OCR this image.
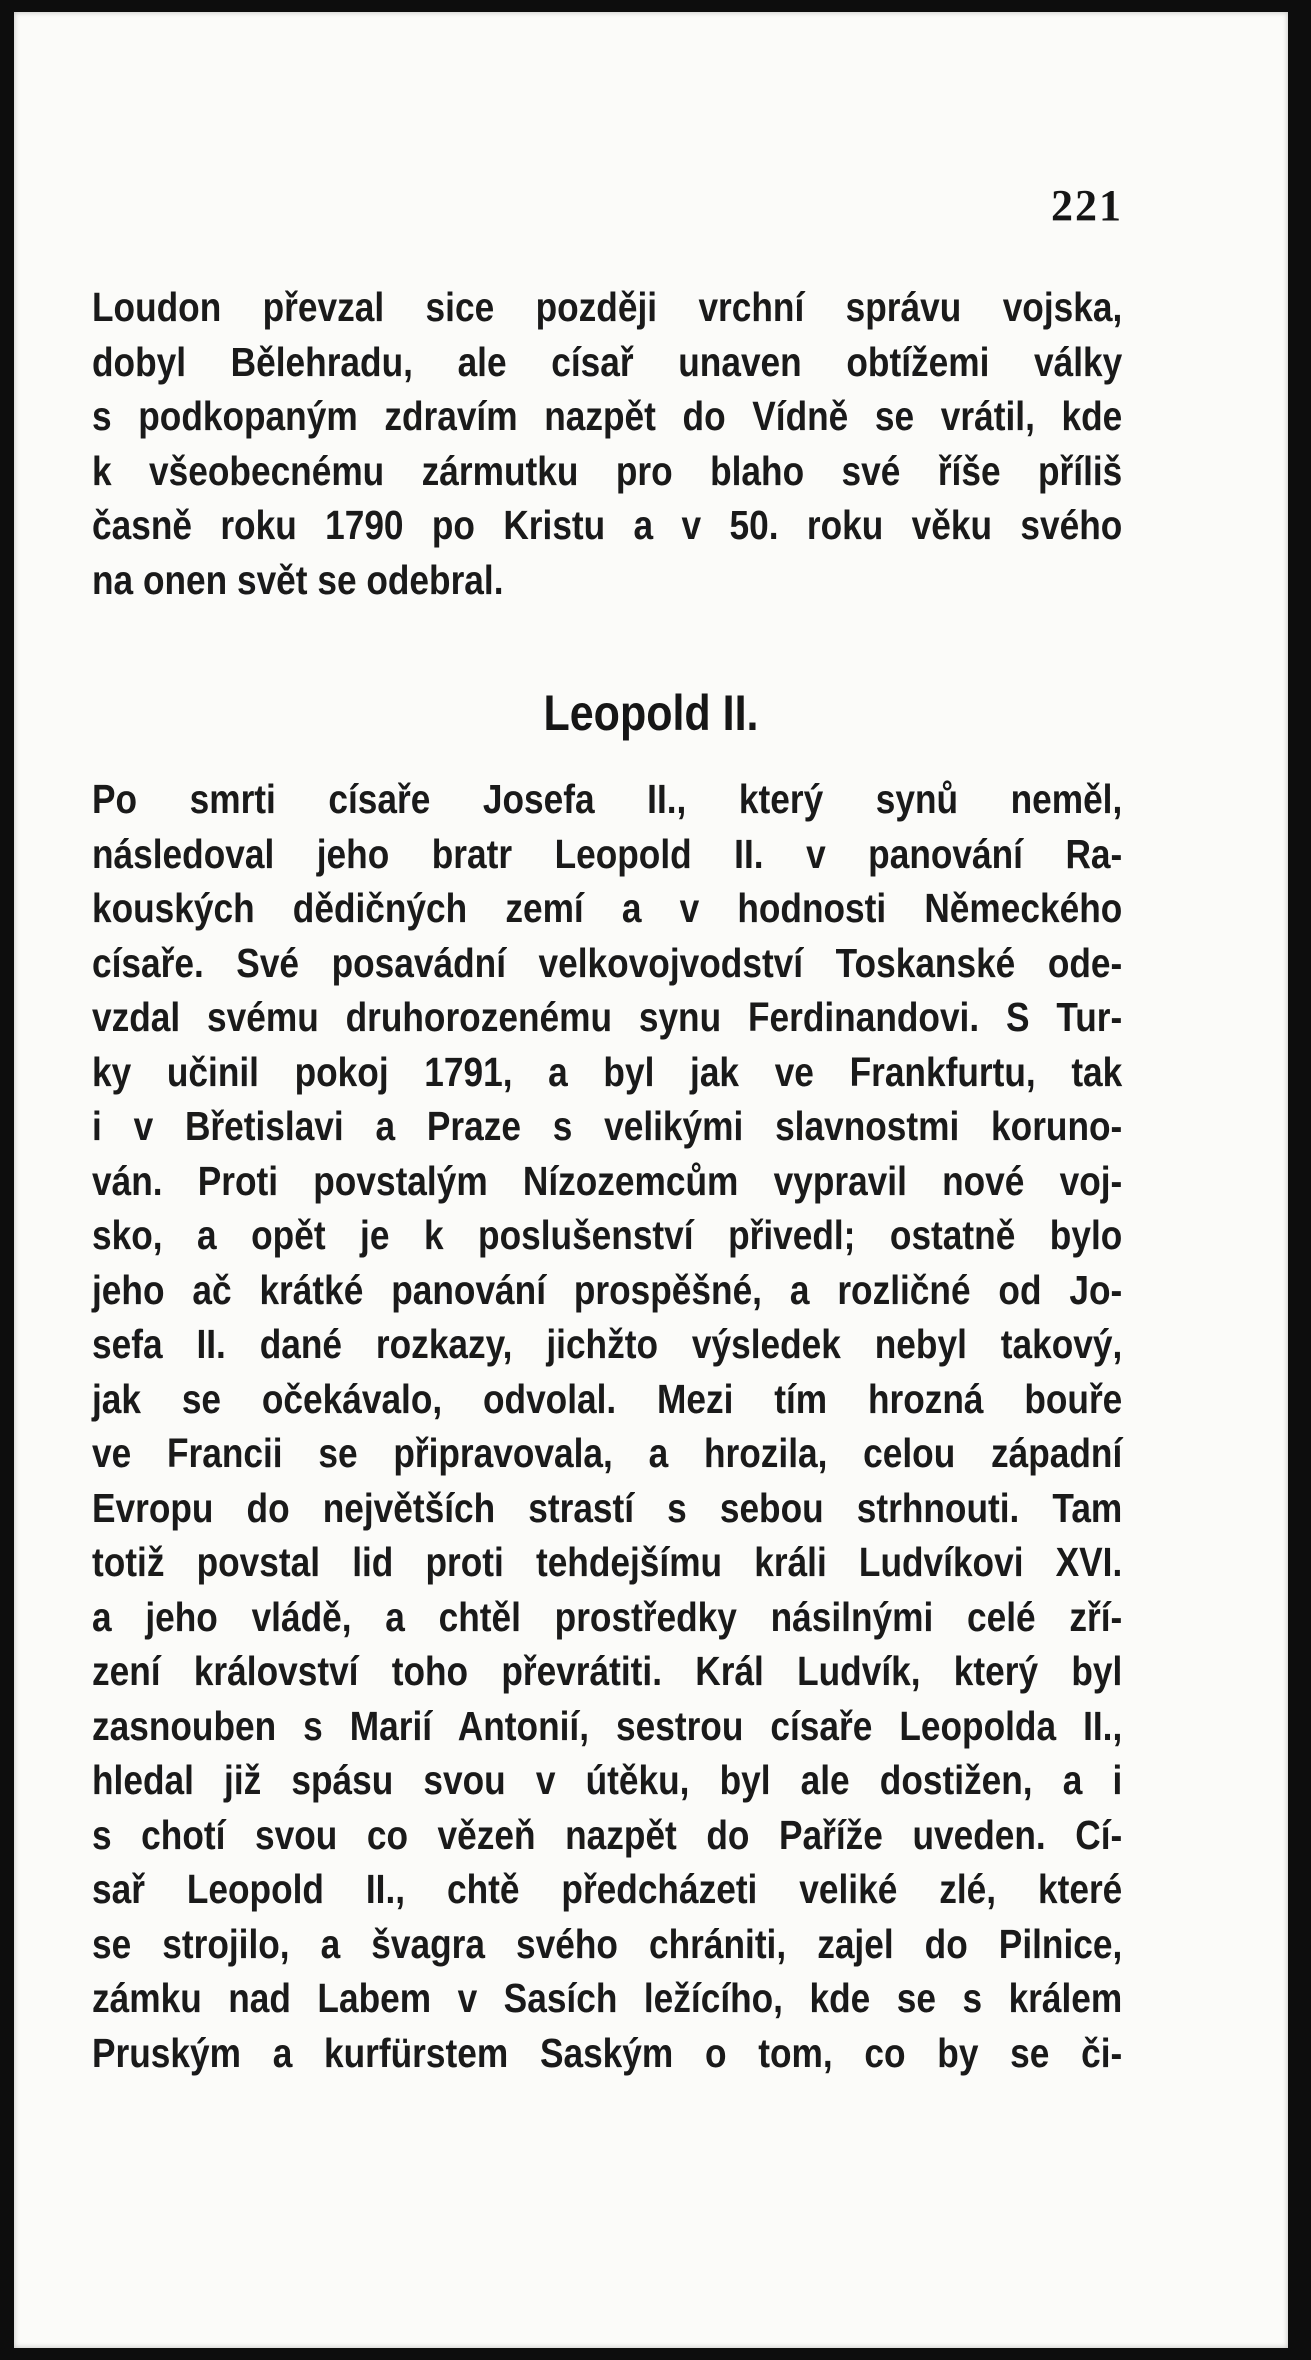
221
Loudon převzal sice později vrchní správu vojska,
dobyl Bělehradu, ale císař unaven obtížemi války
s podkopaným zdravím nazpět do Vídně se vrátil, kde
k všeobecnému zármutku pro blaho své říše příliš
časně roku 1790 po Kristu a v 50. roku věku svého
na onen svět se odebral.
Leopold II.
Po smrti císaře Josefa II., který synů neměl,
následoval jeho bratr Leopold II. v panování Ra-
kouských dědičných zemí a v hodnosti Německého
císaře. Své posavádní velkovojvodství Toskanské ode-
vzdal svému druhorozenému synu Ferdinandovi. S Tur-
ky učinil pokoj 1791, a byl jak ve Frankfurtu, tak
i v Břetislavi a Praze s velikými slavnostmi koruno-
ván. Proti povstalým Nízozemcům vypravil nové voj-
sko, a opět je k poslušenství přivedl; ostatně bylo
jeho ač krátké panování prospěšné, a rozličné od Jo-
sefa II. dané rozkazy, jichžto výsledek nebyl takový,
jak se očekávalo, odvolal. Mezi tím hrozná bouře
ve Francii se připravovala, a hrozila, celou západní
Evropu do největších strastí s sebou strhnouti. Tam
totiž povstal lid proti tehdejšímu králi Ludvíkovi XVI.
a jeho vládě, a chtěl prostředky násilnými celé zří-
zení království toho převrátiti. Král Ludvík, který byl
zasnouben s Marií Antonií, sestrou císaře Leopolda II.,
hledal již spásu svou v útěku, byl ale dostižen, a i
s chotí svou co vězeň nazpět do Paříže uveden. Cí-
sař Leopold II., chtě předcházeti veliké zlé, které
se strojilo, a švagra svého chrániti, zajel do Pilnice,
zámku nad Labem v Sasích ležícího, kde se s králem
Pruským a kurfürstem Saským o tom, co by se či-
